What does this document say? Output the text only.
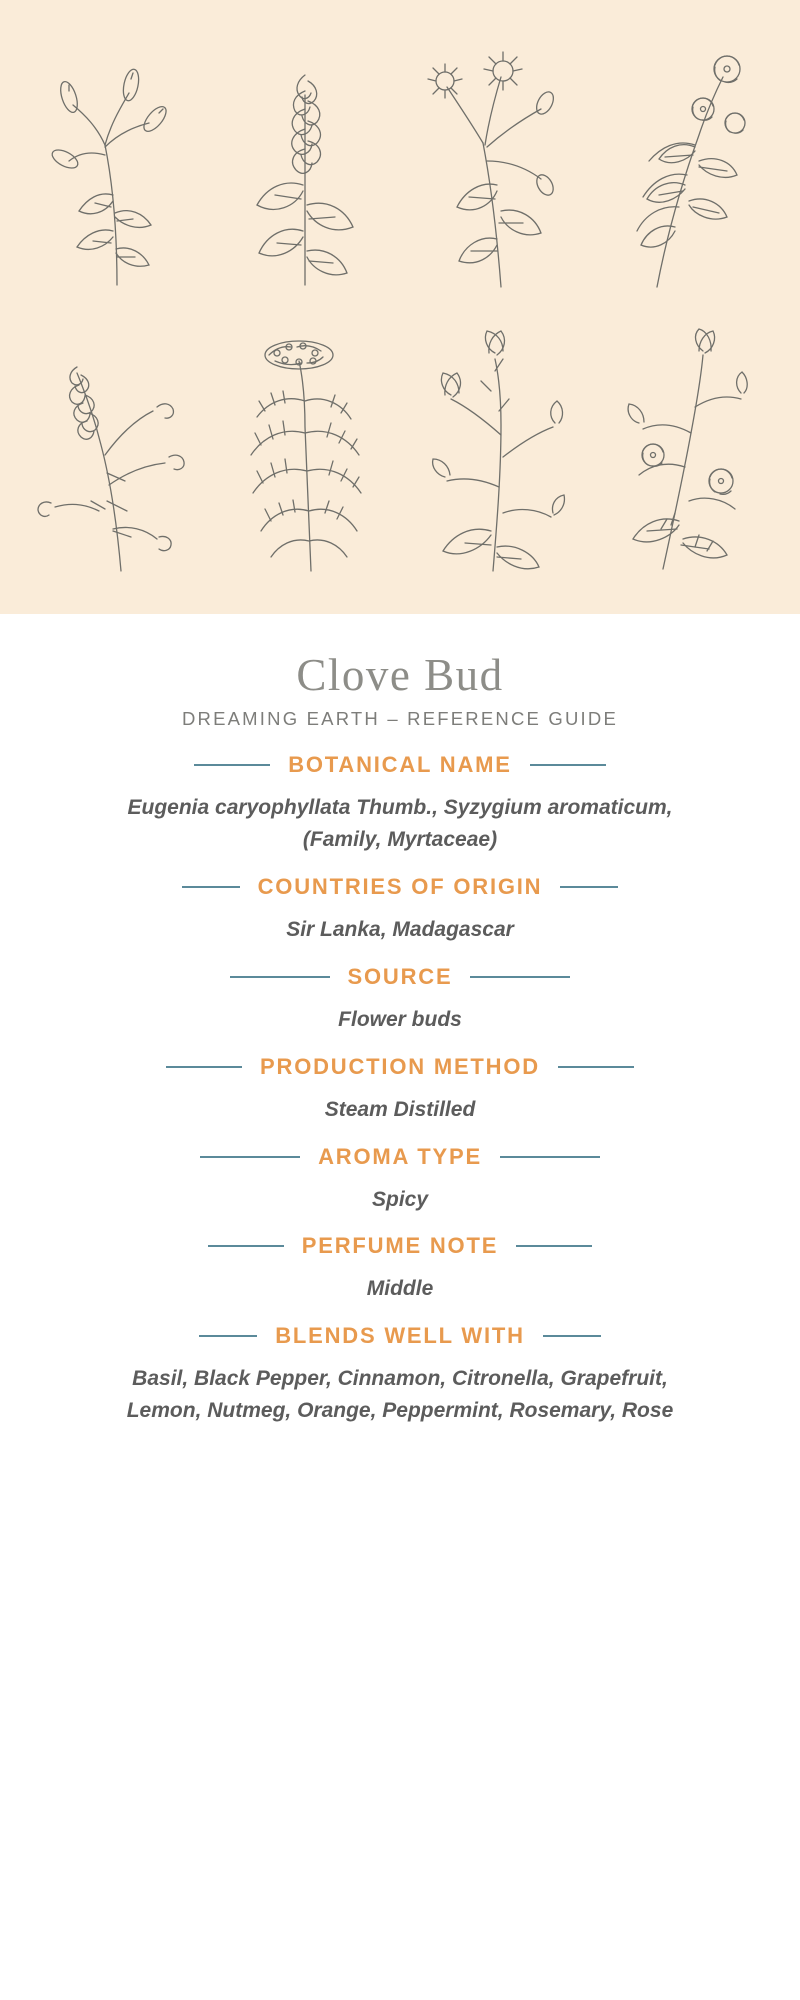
Clove Bud
DREAMING EARTH – REFERENCE GUIDE
BOTANICAL NAME
Eugenia caryophyllata Thumb., Syzygium aromaticum, (Family, Myrtaceae)
COUNTRIES OF ORIGIN
Sir Lanka, Madagascar
SOURCE
Flower buds
PRODUCTION METHOD
Steam Distilled
AROMA TYPE
Spicy
PERFUME NOTE
Middle
BLENDS WELL WITH
Basil, Black Pepper, Cinnamon, Citronella, Grapefruit, Lemon, Nutmeg, Orange, Peppermint, Rosemary, Rose
